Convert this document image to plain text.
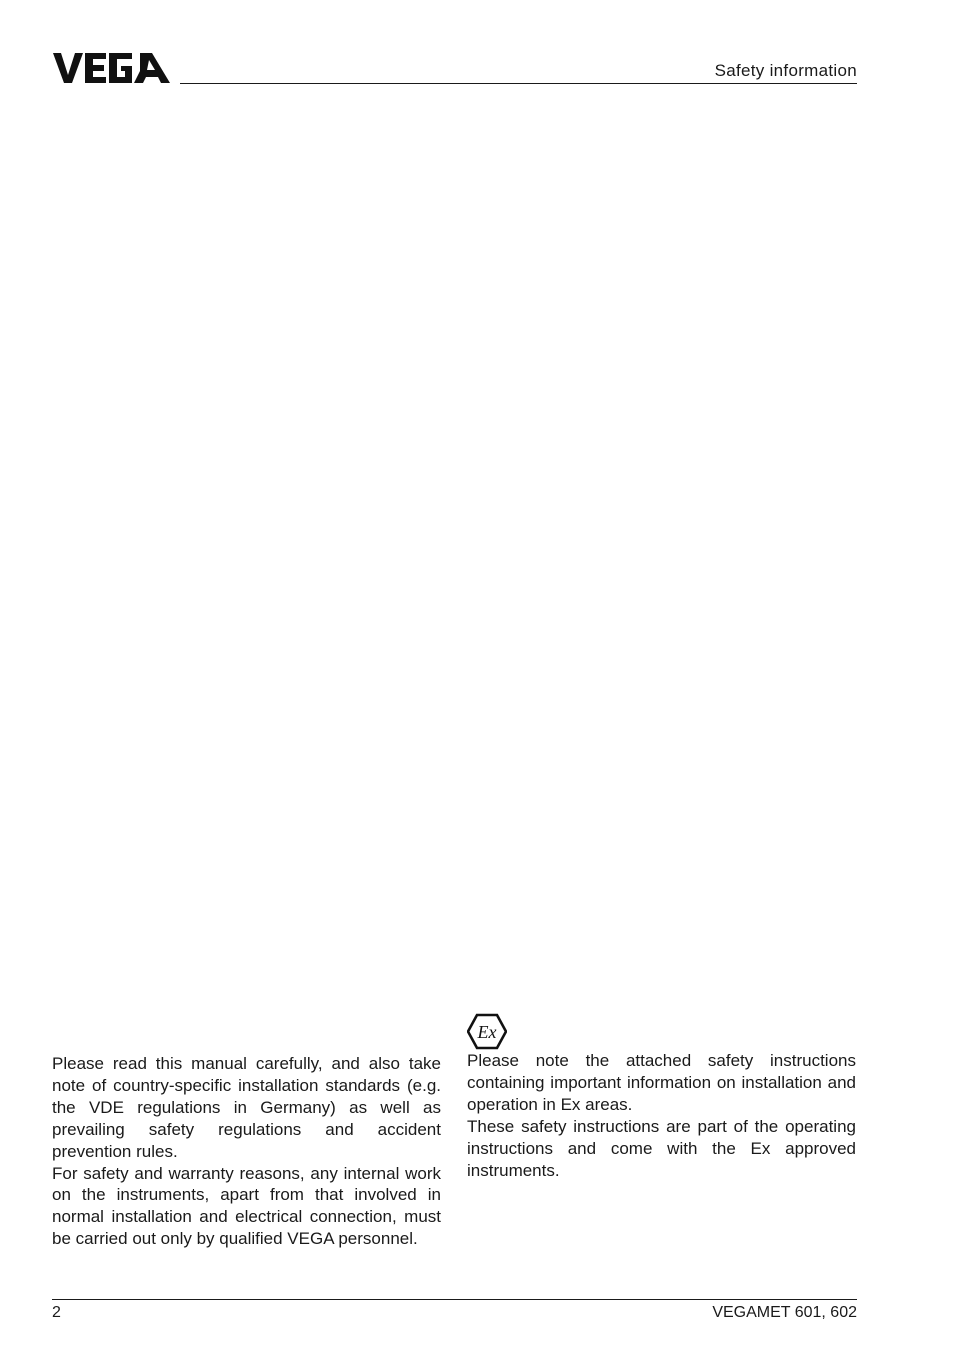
Safety information
Ex

Please read this manual carefully, and also take note of country-specific installation standards (e.g. the VDE regulations in Germany) as well as prevailing safety regulations and accident prevention rules.

For safety and warranty reasons, any internal work on the instruments, apart from that involved in normal installation and electrical connection, must be carried out only by qualified VEGA personnel.

Please note the attached safety instructions containing important information on installation and operation in Ex areas.

These safety instructions are part of the operating instructions and come with the Ex approved instruments.

2	VEGAMET 601, 602
